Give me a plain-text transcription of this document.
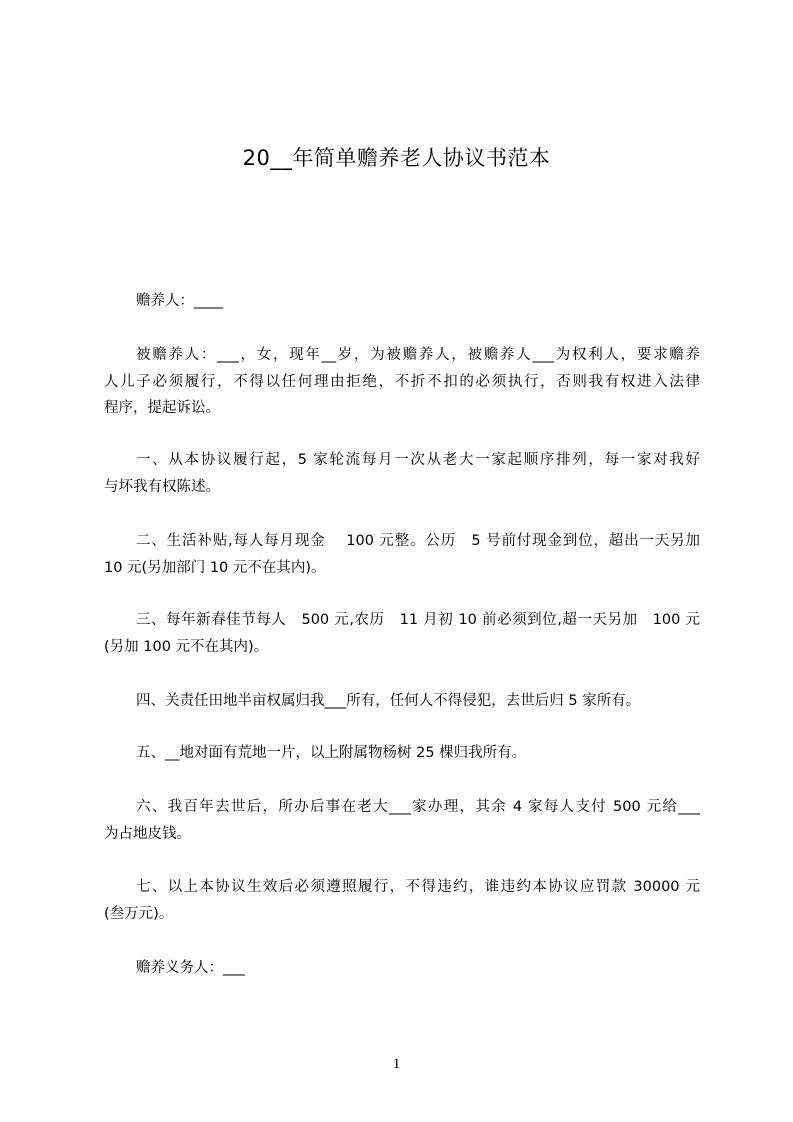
20__年简单赡养老人协议书范本
赡养人：____
被赡养人：___，女，现年__岁，为被赡养人，被赡养人___为权利人，要求赡养
人儿子必须履行，不得以任何理由拒绝，不折不扣的必须执行，否则我有权进入法律
程序，提起诉讼。
一、从本协议履行起，5 家轮流每月一次从老大一家起顺序排列，每一家对我好
与坏我有权陈述。
二、生活补贴,每人每月现金　 100 元整。公历　5 号前付现金到位，超出一天另加
10 元(另加部门 10 元不在其内)。
三、每年新春佳节每人　500 元,农历　11 月初 10 前必须到位,超一天另加　100 元
(另加 100 元不在其内)。
四、关责任田地半亩权属归我___所有，任何人不得侵犯，去世后归 5 家所有。
五、__地对面有荒地一片，以上附属物杨树 25 棵归我所有。
六、我百年去世后，所办后事在老大___家办理，其余 4 家每人支付 500 元给___
为占地皮钱。
七、以上本协议生效后必须遵照履行，不得违约，谁违约本协议应罚款 30000 元
(叁万元)。
赡养义务人：___
1
